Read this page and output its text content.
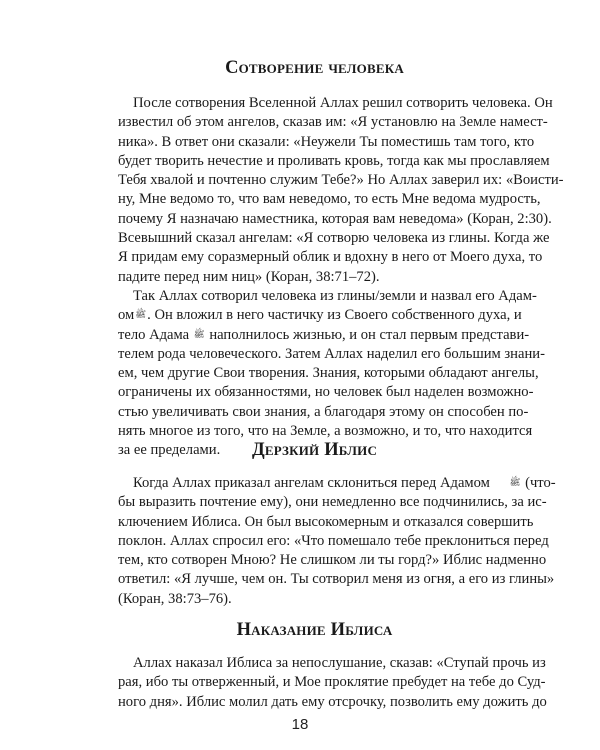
Сотворение человека
После сотворения Вселенной Аллах решил сотворить человека. Он
известил об этом ангелов, сказав им: «Я установлю на Земле намест-
ника». В ответ они сказали: «Неужели Ты поместишь там того, кто
будет творить нечестие и проливать кровь, тогда как мы прославляем
Тебя хвалой и почтенно служим Тебе?» Но Аллах заверил их: «Воисти-
ну, Мне ведомо то, что вам неведомо, то есть Мне ведома мудрость,
почему Я назначаю наместника, которая вам неведома» (Коран, 2:30).
Всевышний сказал ангелам: «Я сотворю человека из глины. Когда же
Я придам ему соразмерный облик и вдохну в него от Моего духа, то
падите перед ним ниц» (Коран, 38:71–72).
Так Аллах сотворил человека из глины/земли и назвал его Адам-
омﷺ. Он вложил в него частичку из Своего собственного духа, и
тело Адама ﷺ наполнилось жизнью, и он стал первым представи-
телем рода человеческого. Затем Аллах наделил его большим знани-
ем, чем другие Свои творения. Знания, которыми обладают ангелы,
ограничены их обязанностями, но человек был наделен возможно-
стью увеличивать свои знания, а благодаря этому он способен по-
нять многое из того, что на Земле, а возможно, и то, что находится
за ее пределами.	Дерзкий Иблис
Когда Аллах приказал ангелам склониться перед Адамом ﷺ (что-
бы выразить почтение ему), они немедленно все подчинились, за ис-
ключением Иблиса. Он был высокомерным и отказался совершить
поклон. Аллах спросил его: «Что помешало тебе преклониться перед
тем, кто сотворен Мною? Не слишком ли ты горд?» Иблис надменно
ответил: «Я лучше, чем он. Ты сотворил меня из огня, а его из глины»
(Коран, 38:73–76).
Наказание Иблиса
Аллах наказал Иблиса за непослушание, сказав: «Ступай прочь из
рая, ибо ты отверженный, и Мое проклятие пребудет на тебе до Суд-
ного дня». Иблис молил дать ему отсрочку, позволить ему дожить до
18
